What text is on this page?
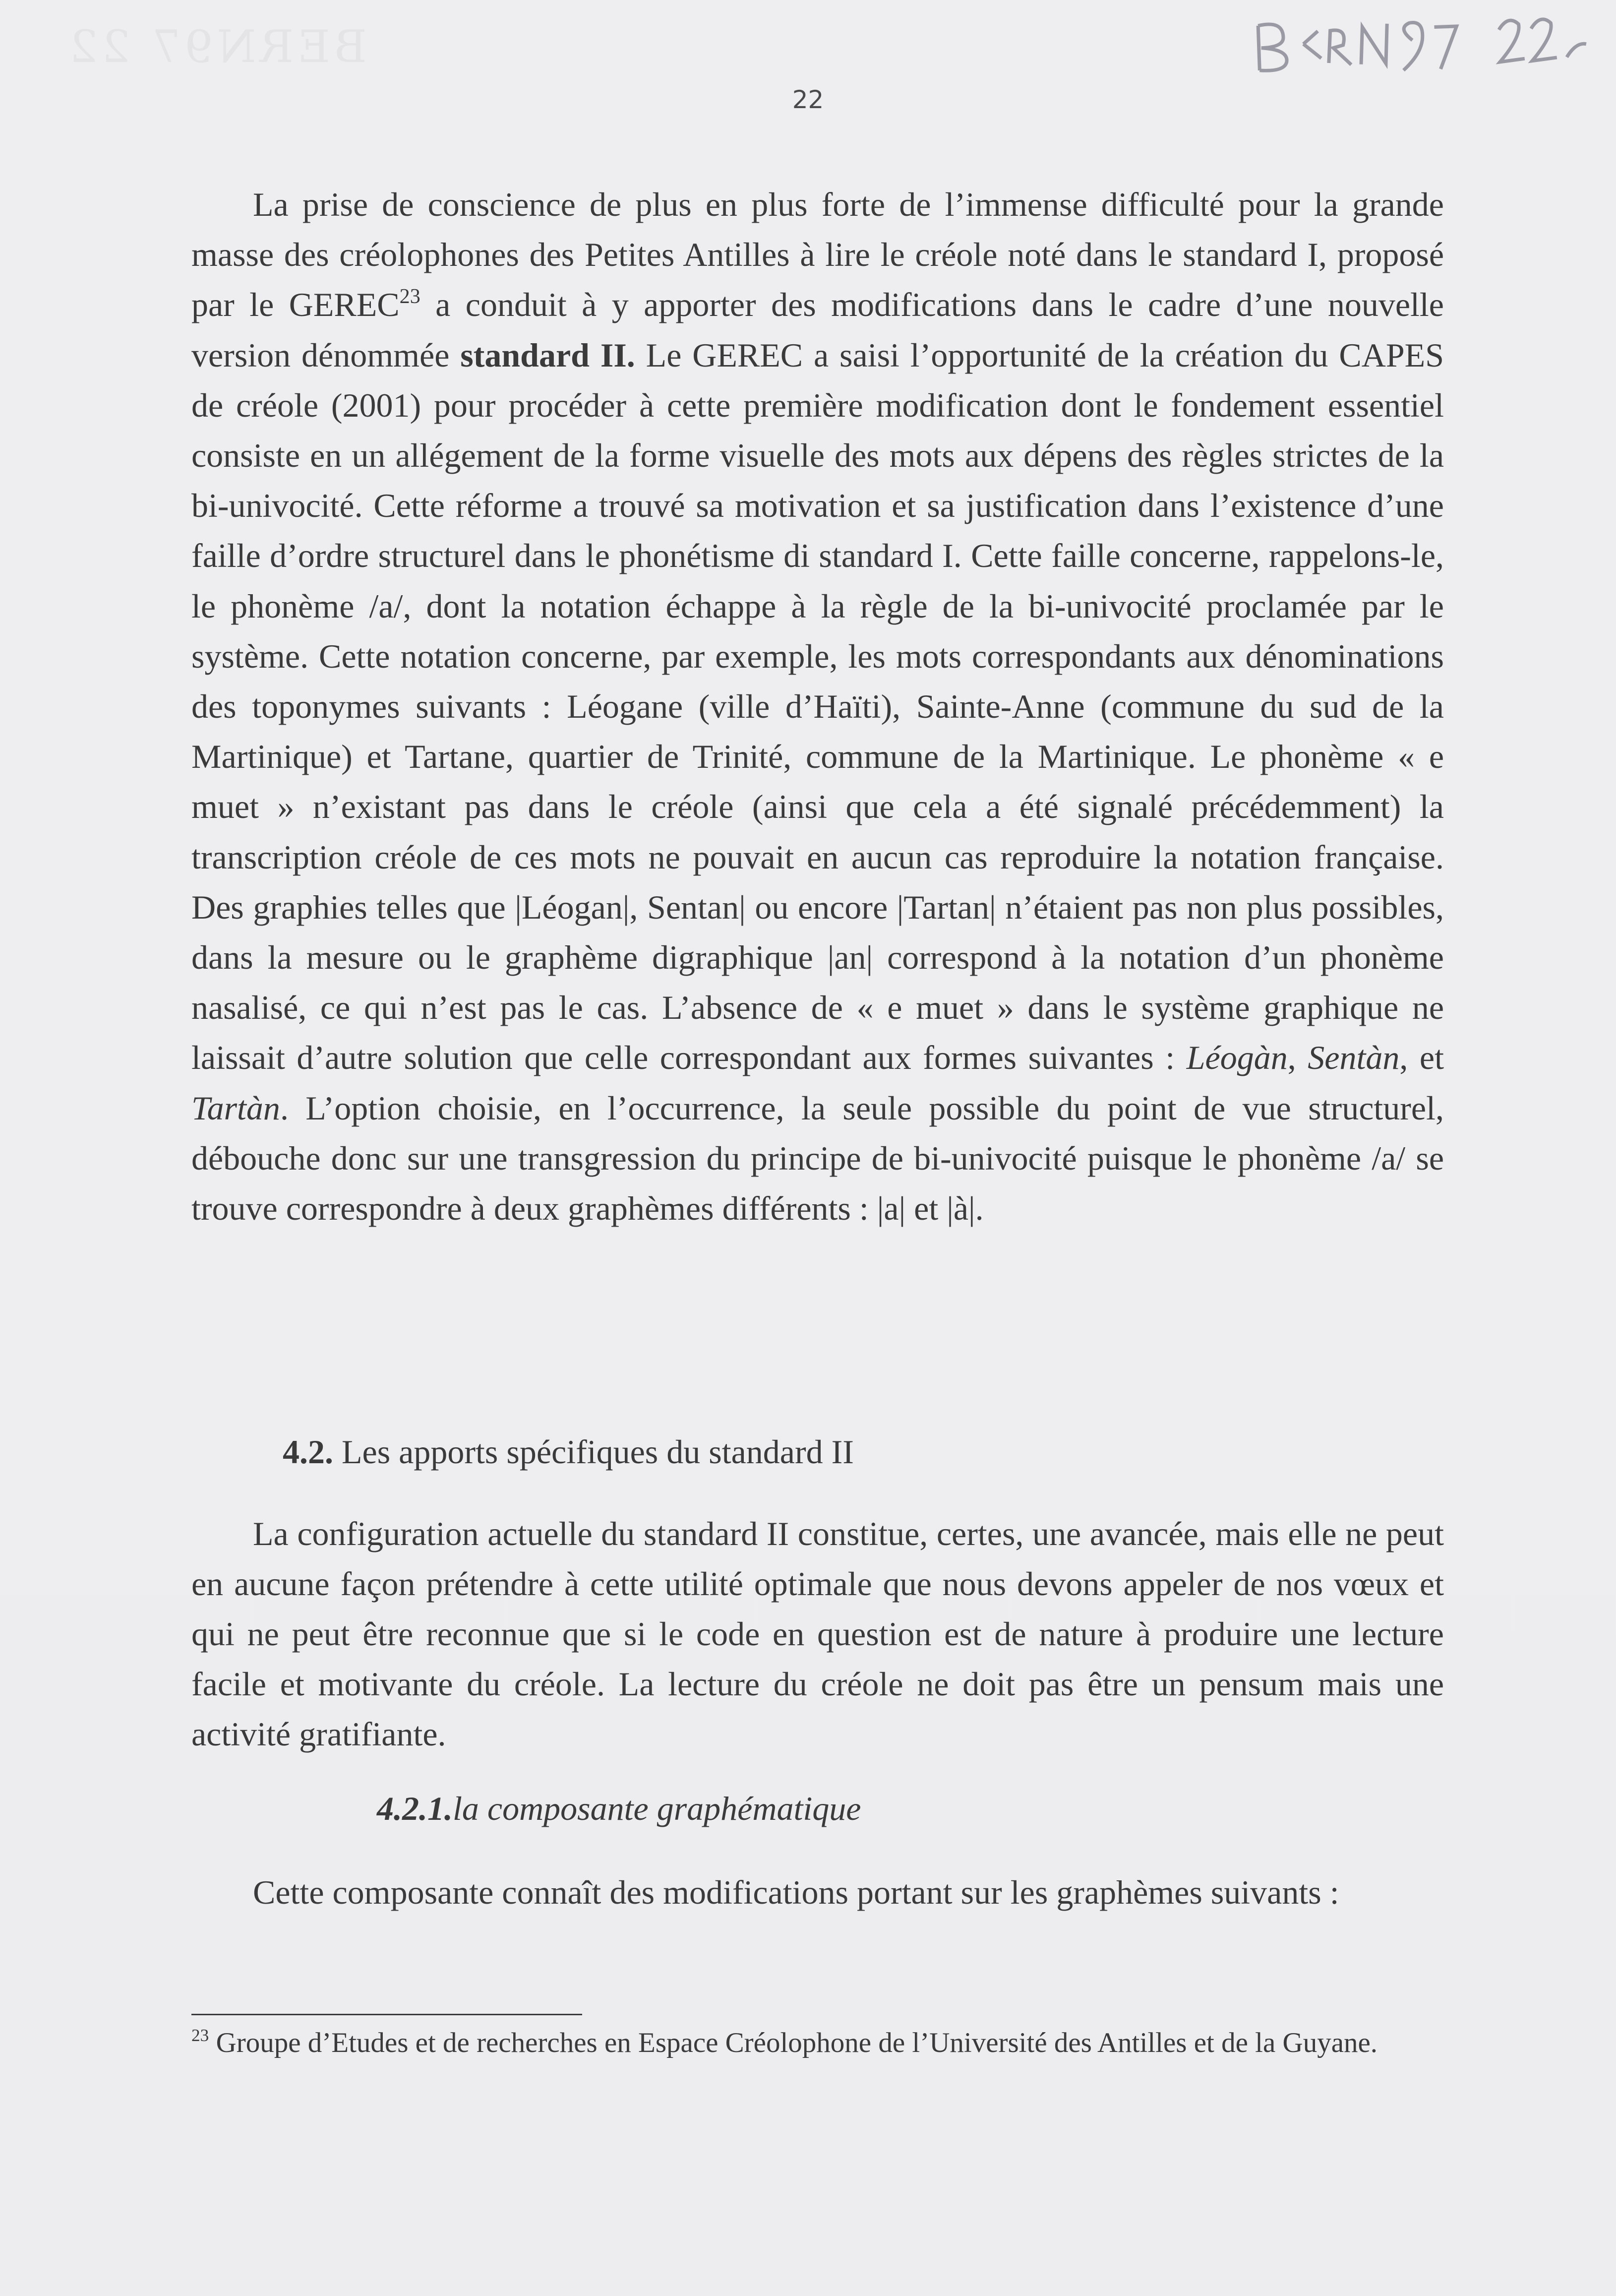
BERN97 22
22

La prise de conscience de plus en plus forte de l’immense difficulté pour la grande masse des créolophones des Petites Antilles à lire le créole noté dans le standard I, proposé par le GEREC$^{23}$ a conduit à y apporter des modifications dans le cadre d’une nouvelle version dénommée standard II. Le GEREC a saisi l’opportunité de la création du CAPES de créole (2001) pour procéder à cette première modification dont le fondement essentiel consiste en un allégement de la forme visuelle des mots aux dépens des règles strictes de la bi-univocité. Cette réforme a trouvé sa motivation et sa justification dans l’existence d’une faille d’ordre structurel dans le phonétisme di standard I. Cette faille concerne, rappelons-le, le phonème /a/, dont la notation échappe à la règle de la bi-univocité proclamée par le système. Cette notation concerne, par exemple, les mots correspondants aux dénominations des toponymes suivants : Léogane (ville d’Haïti), Sainte-Anne (commune du sud de la Martinique) et Tartane, quartier de Trinité, commune de la Martinique. Le phonème « e muet » n’existant pas dans le créole (ainsi que cela a été signalé précédemment) la transcription créole de ces mots ne pouvait en aucun cas reproduire la notation française. Des graphies telles que |Léogan|, Sentan| ou encore |Tartan| n’étaient pas non plus possibles, dans la mesure ou le graphème digraphique |an| correspond à la notation d’un phonème nasalisé, ce qui n’est pas le cas. L’absence de « e muet » dans le système graphique ne laissait d’autre solution que celle correspondant aux formes suivantes : Léogàn, Sentàn, et Tartàn. L’option choisie, en l’occurrence, la seule possible du point de vue structurel, débouche donc sur une transgression du principe de bi-univocité puisque le phonème /a/ se trouve correspondre à deux graphèmes différents : |a| et |à|.

4.2. Les apports spécifiques du standard II

La configuration actuelle du standard II constitue, certes, une avancée, mais elle ne peut en aucune façon prétendre à cette utilité optimale que nous devons appeler de nos vœux et qui ne peut être reconnue que si le code en question est de nature à produire une lecture facile et motivante du créole. La lecture du créole ne doit pas être un pensum mais une activité gratifiante.

4.2.1.la composante graphématique

Cette composante connaît des modifications portant sur les graphèmes suivants :

$^{23}$ Groupe d’Etudes et de recherches en Espace Créolophone de l’Université des Antilles et de la Guyane.
